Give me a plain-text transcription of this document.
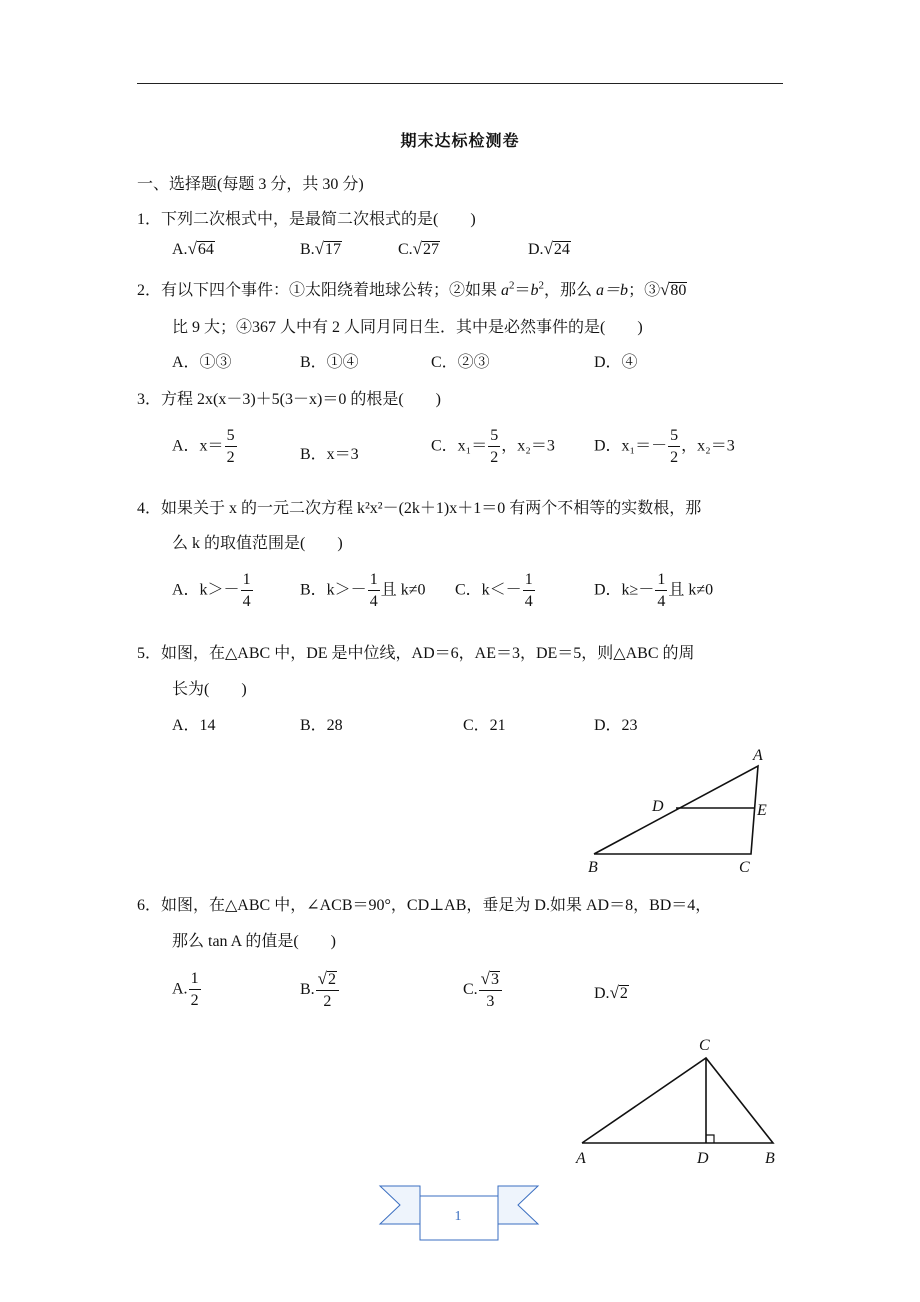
期末达标检测卷
一、选择题(每题 3 分，共 30 分)
1．下列二次根式中，是最简二次根式的是(　　)
A. √ 64	B. √ 17	C. √ 27	D. √ 24
2．有以下四个事件：①太阳绕着地球公转；②如果 $a^2=b^2$，那么 a＝b；③ √ 80
比 9 大；④367 人中有 2 人同月同日生．其中是必然事件的是(　　)
A．①③	B．①④	C．②③	D．④
3．方程 2x(x－3)＋5(3－x)＝0 的根是(　　)
A．$x= \frac{5}{2}$	B．x＝3
C．$x_1= \frac{5}{2}$ ，x₂＝3 D．$x_1=- \frac{5}{2}$ ，x₂＝3
4．如果关于 x 的一元二次方程 k²x²－(2k＋1)x＋1＝0 有两个不相等的实数根，那
么 k 的取值范围是(　　)
A．$k>- \frac{1}{4}$	B．$k>- \frac{1}{4}$ 且 k≠0 C．$k<- \frac{1}{4}$	D．$k\ge- \frac{1}{4}$ 且 k≠0
5．如图，在△ABC 中，DE 是中位线，AD＝6，AE＝3，DE＝5，则△ABC 的周
长为(　　)
A．14	B．28	C．21	D．23
A
D	E
B	C
6．如图，在△ABC 中，∠ACB＝90°，CD⊥AB，垂足为 D.如果 AD＝8，BD＝4，
那么 tan A 的值是(　　)
A. $\frac{1}{2}$	B. $\frac{√ 2}{2}$	C. $\frac{√ 3}{3}$	D. √ 2
C
A	D	B
1
